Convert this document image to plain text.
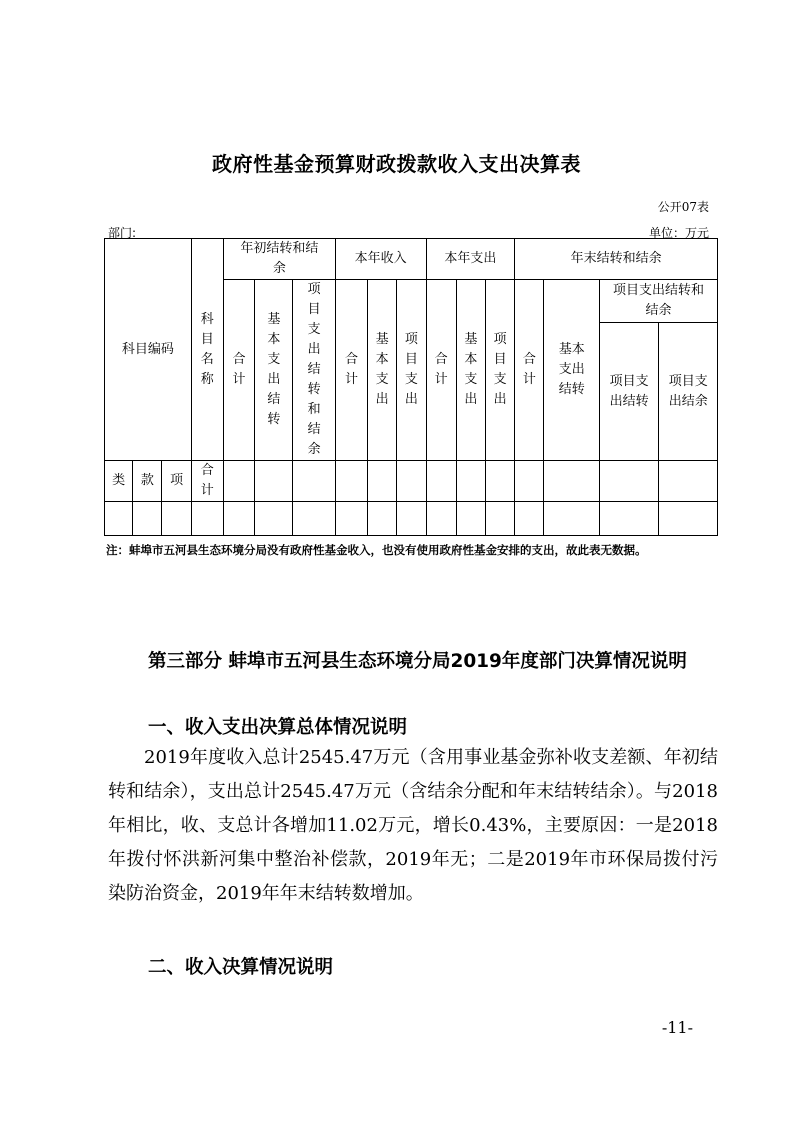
政府性基金预算财政拨款收入支出决算表
公开07表
部门:	单位：万元
科目编码			科目名称	年初结转和结余			本年收入			本年支出			年末结转和结余			
				合计	基本支出结转	项目支出结转和结余	合计	基本支出	项目支出	合计	基本支出	项目支出	合计	基本支出结转	项目支出结转和结余	
															项目支出结转	项目支出结余
类	款	项	合计													

注：蚌埠市五河县生态环境分局没有政府性基金收入，也没有使用政府性基金安排的支出，故此表无数据。
第三部分 蚌埠市五河县生态环境分局2019年度部门决算情况说明
一、收入支出决算总体情况说明
2019年度收入总计2545.47万元（含用事业基金弥补收支差额、年初结转和结余），支出总计2545.47万元（含结余分配和年末结转结余）。与2018年相比，收、支总计各增加11.02万元，增长0.43%，主要原因：一是2018年拨付怀洪新河集中整治补偿款，2019年无；二是2019年市环保局拨付污染防治资金，2019年年末结转数增加。
二、收入决算情况说明
-11-
